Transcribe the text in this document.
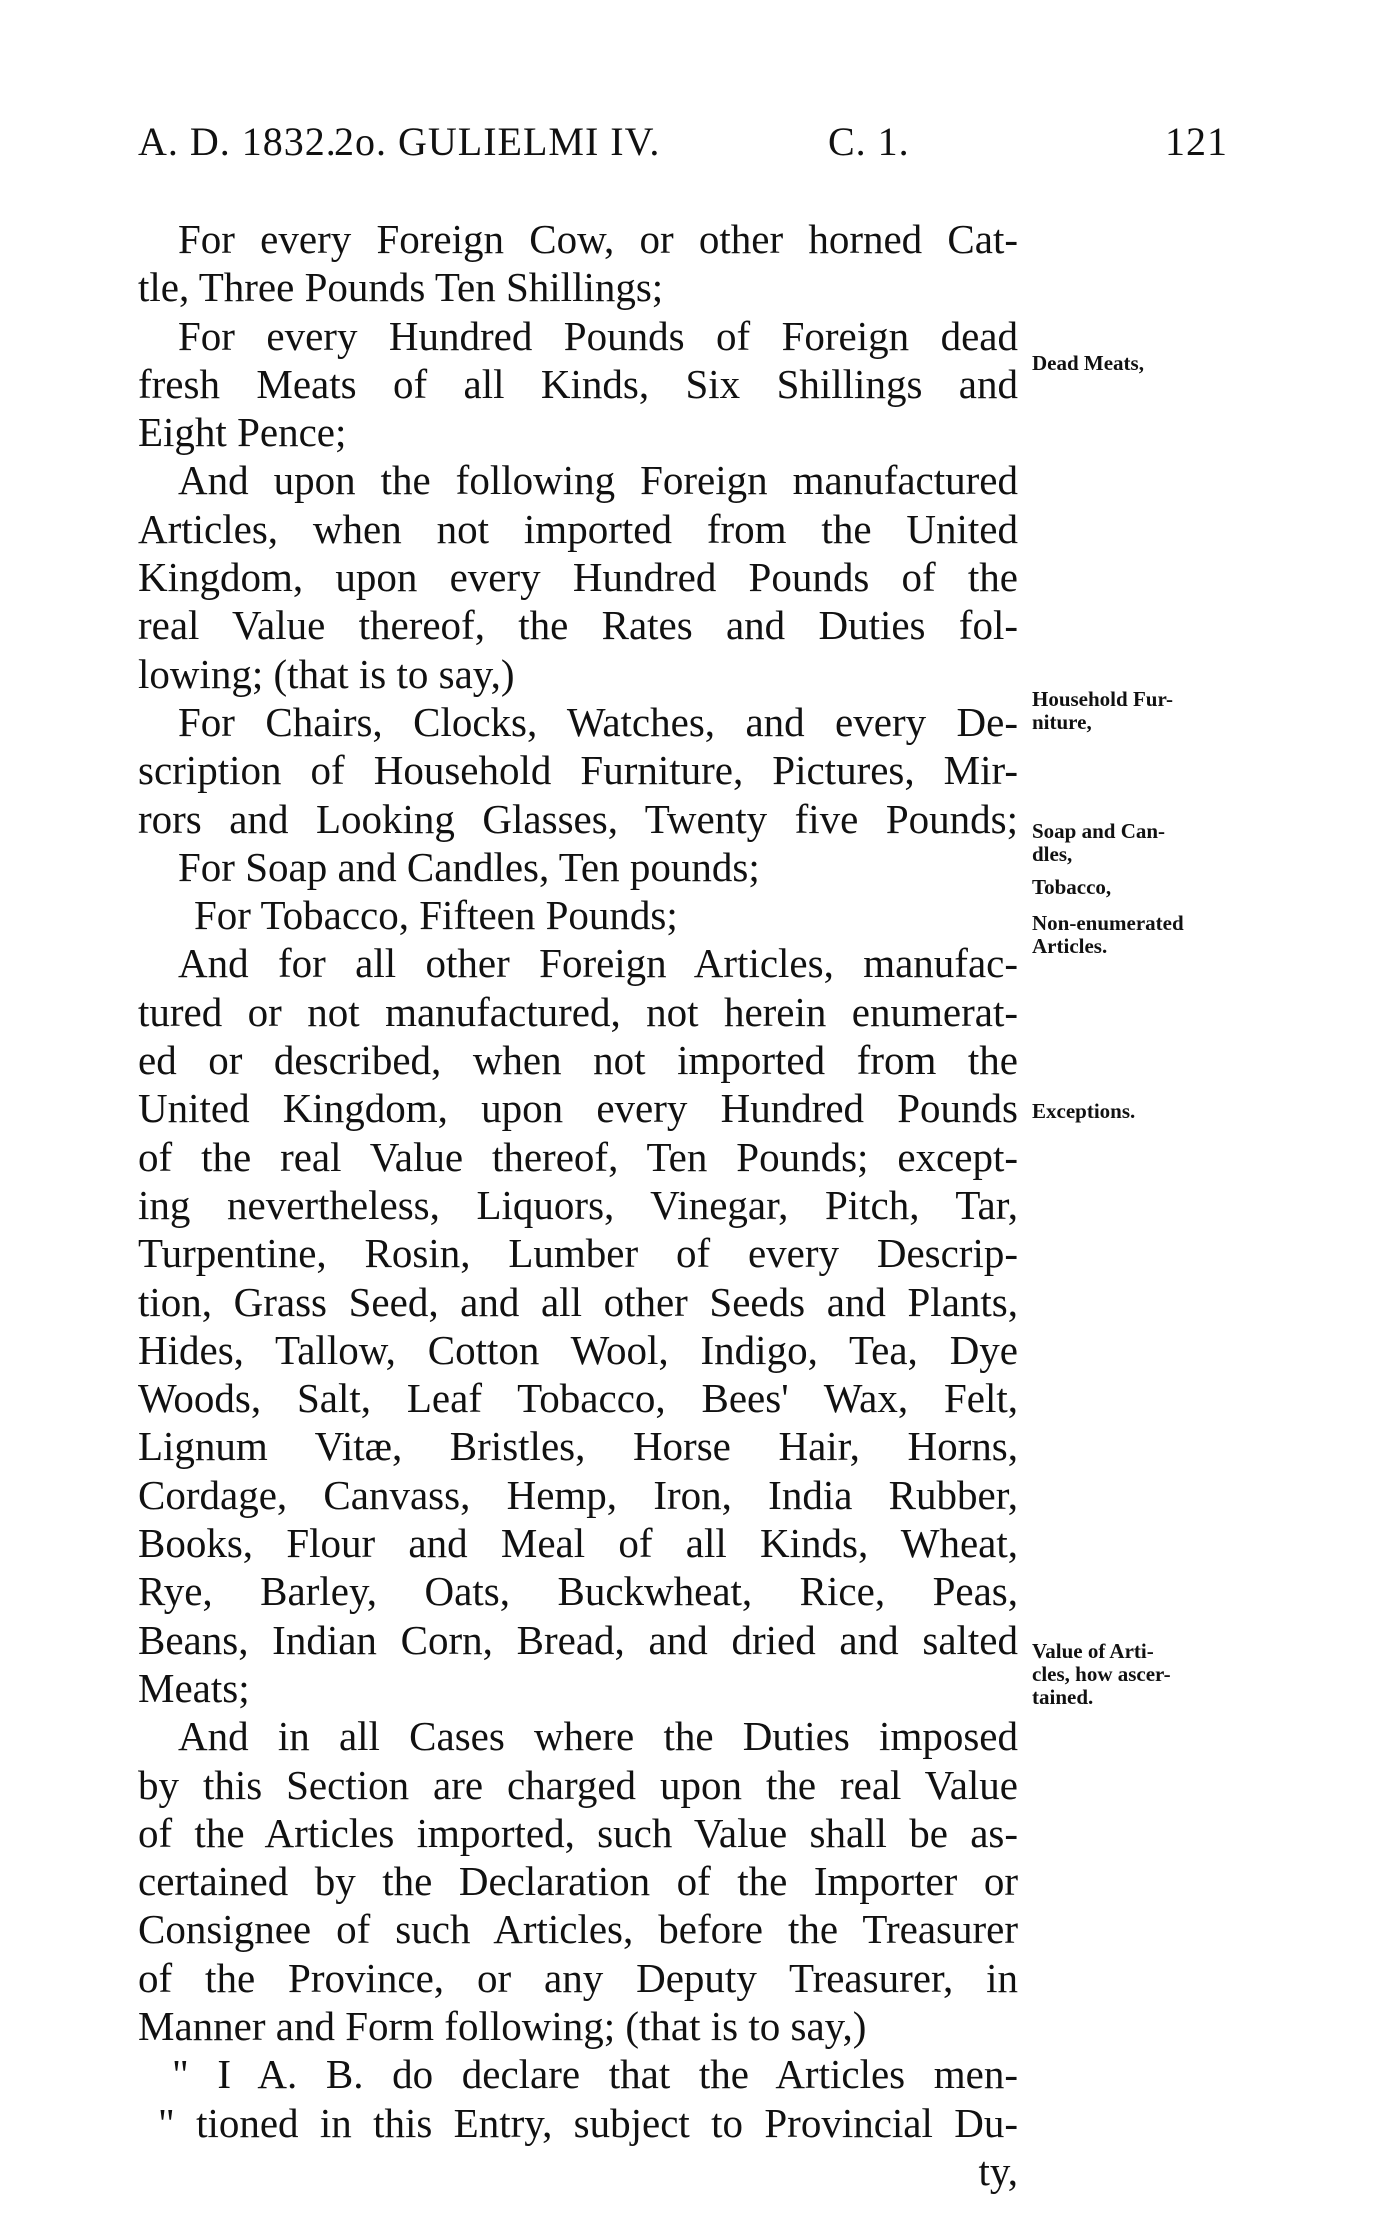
A. D. 1832.
2o. GULIELMI IV.	C. 1.	121

For every Foreign Cow, or other horned Cat-
tle, Three Pounds Ten Shillings;

For every Hundred Pounds of Foreign dead
fresh Meats of all Kinds, Six Shillings and
Eight Pence;

And upon the following Foreign manufactured
Articles, when not imported from the United
Kingdom, upon every Hundred Pounds of the
real Value thereof, the Rates and Duties fol-
lowing; (that is to say,)

For Chairs, Clocks, Watches, and every De-
scription of Household Furniture, Pictures, Mir-
rors and Looking Glasses, Twenty five Pounds;

For Soap and Candles, Ten pounds;

For Tobacco, Fifteen Pounds;

And for all other Foreign Articles, manufac-
tured or not manufactured, not herein enumerat-
ed or described, when not imported from the
United Kingdom, upon every Hundred Pounds
of the real Value thereof, Ten Pounds; except-
ing nevertheless, Liquors, Vinegar, Pitch, Tar,
Turpentine, Rosin, Lumber of every Descrip-
tion, Grass Seed, and all other Seeds and Plants,
Hides, Tallow, Cotton Wool, Indigo, Tea, Dye
Woods, Salt, Leaf Tobacco, Bees' Wax, Felt,
Lignum Vitæ, Bristles, Horse Hair, Horns,
Cordage, Canvass, Hemp, Iron, India Rubber,
Books, Flour and Meal of all Kinds, Wheat,
Rye, Barley, Oats, Buckwheat, Rice, Peas,
Beans, Indian Corn, Bread, and dried and salted
Meats;

And in all Cases where the Duties imposed
by this Section are charged upon the real Value
of the Articles imported, such Value shall be as-
certained by the Declaration of the Importer or
Consignee of such Articles, before the Treasurer
of the Province, or any Deputy Treasurer, in
Manner and Form following; (that is to say,)

" I A. B. do declare that the Articles men-
" tioned in this Entry, subject to Provincial Du-
ty,

Dead Meats,
Household Fur-
niture,
Soap and Can-
dles,
Tobacco,
Non-enumerated
Articles.
Exceptions.
Value of Arti-
cles, how ascer-
tained.
